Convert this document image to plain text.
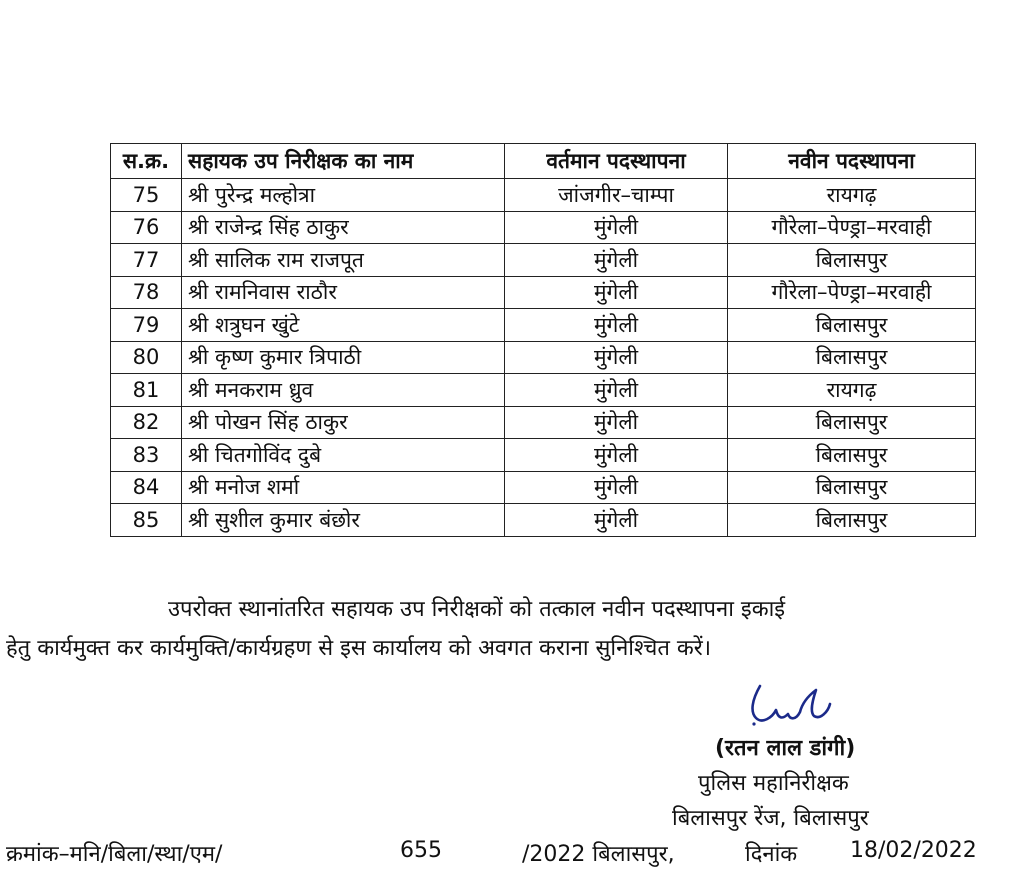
स.क्र.	सहायक उप निरीक्षक का नाम	वर्तमान पदस्थापना	नवीन पदस्थापना
75	श्री पुरेन्द्र मल्होत्रा	जांजगीर–चाम्पा	रायगढ़
76	श्री राजेन्द्र सिंह ठाकुर	मुंगेली	गौरेला–पेण्ड्रा–मरवाही
77	श्री सालिक राम राजपूत	मुंगेली	बिलासपुर
78	श्री रामनिवास राठौर	मुंगेली	गौरेला–पेण्ड्रा–मरवाही
79	श्री शत्रुघन खुंटे	मुंगेली	बिलासपुर
80	श्री कृष्ण कुमार त्रिपाठी	मुंगेली	बिलासपुर
81	श्री मनकराम ध्रुव	मुंगेली	रायगढ़
82	श्री पोखन सिंह ठाकुर	मुंगेली	बिलासपुर
83	श्री चितगोविंद दुबे	मुंगेली	बिलासपुर
84	श्री मनोज शर्मा	मुंगेली	बिलासपुर
85	श्री सुशील कुमार बंछोर	मुंगेली	बिलासपुर
उपरोक्त स्थानांतरित सहायक उप निरीक्षकों को तत्काल नवीन पदस्थापना इकाई
हेतु कार्यमुक्त कर कार्यमुक्ति/कार्यग्रहण से इस कार्यालय को अवगत कराना सुनिश्चित करें।
(रतन लाल डांगी)
पुलिस महानिरीक्षक
बिलासपुर रेंज, बिलासपुर
क्रमांक–मनि/बिला/स्था/एम/	655	/2022 बिलासपुर,	दिनांक 18/02/2022
